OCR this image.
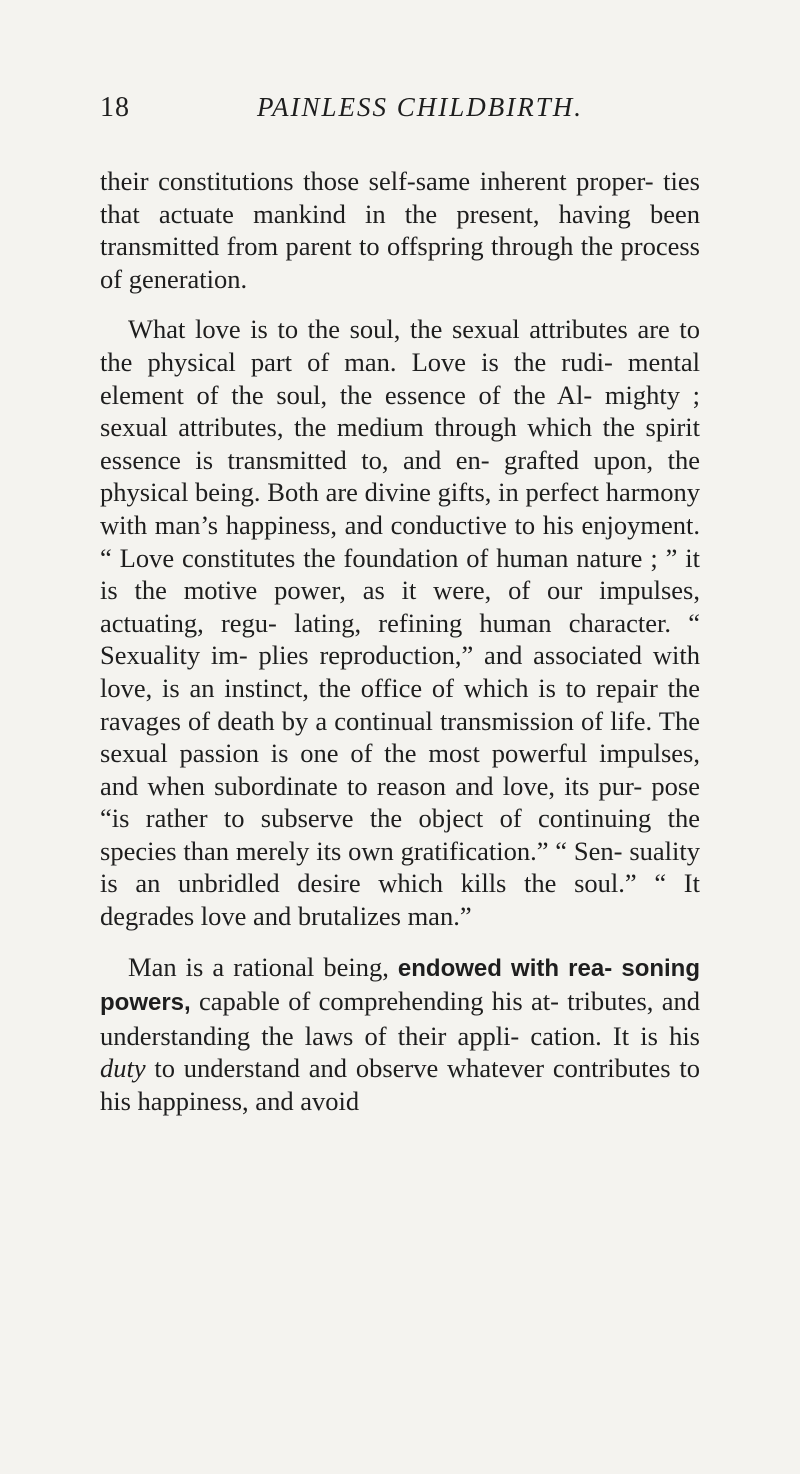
18	PAINLESS CHILDBIRTH.

their constitutions those self-same inherent proper- ties that actuate mankind in the present, having been transmitted from parent to offspring through the process of generation.

What love is to the soul, the sexual attributes are to the physical part of man. Love is the rudi- mental element of the soul, the essence of the Al- mighty ; sexual attributes, the medium through which the spirit essence is transmitted to, and en- grafted upon, the physical being. Both are divine gifts, in perfect harmony with man’s happiness, and conductive to his enjoyment. “ Love constitutes the foundation of human nature ; ” it is the motive power, as it were, of our impulses, actuating, regu- lating, refining human character. “ Sexuality im- plies reproduction,” and associated with love, is an instinct, the office of which is to repair the ravages of death by a continual transmission of life. The sexual passion is one of the most powerful impulses, and when subordinate to reason and love, its pur- pose “is rather to subserve the object of continuing the species than merely its own gratification.” “ Sen- suality is an unbridled desire which kills the soul.” “ It degrades love and brutalizes man.”

Man is a rational being, endowed with rea- soning powers, capable of comprehending his at- tributes, and understanding the laws of their appli- cation. It is his duty to understand and observe whatever contributes to his happiness, and avoid
